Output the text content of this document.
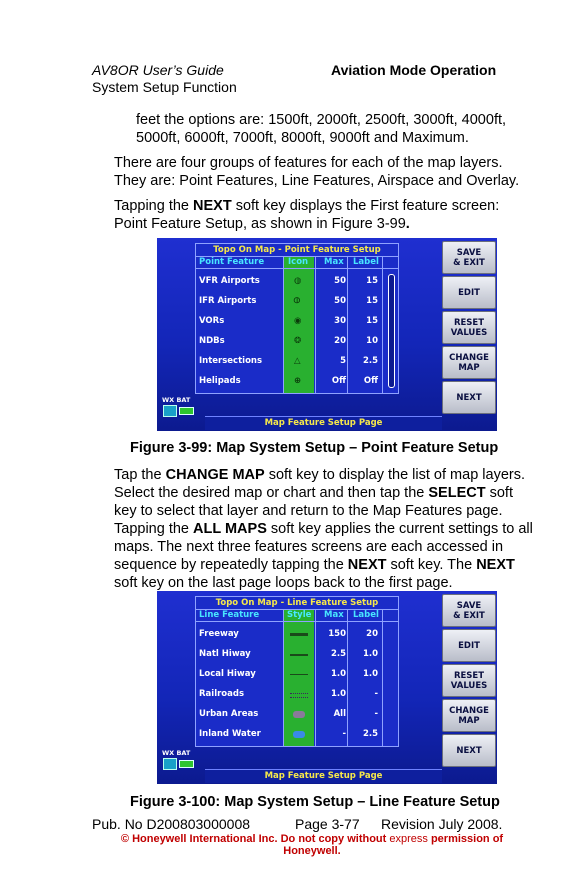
AV8OR User’s Guide	Aviation Mode Operation
System Setup Function
feet the options are: 1500ft, 2000ft, 2500ft, 3000ft, 4000ft,
5000ft, 6000ft, 7000ft, 8000ft, 9000ft and Maximum.
There are four groups of features for each of the map layers.
They are: Point Features, Line Features, Airspace and Overlay.
Tapping the NEXT soft key displays the First feature screen:
Point Feature Setup, as shown in Figure 3-99.
Topo On Map - Point Feature Setup
Point Feature	Icon Max Label
VFR Airports	◍	50 15
IFR Airports	⦶	50 15
VORs	◉	30 15
NDBs	❂	20 10
Intersections	△	5 2.5
Helipads	⊕	Off Off
SAVE
& EXIT
EDIT
RESET
VALUES
CHANGE
MAP
NEXT
WX BAT
Map Feature Setup Page
Figure 3-99: Map System Setup – Point Feature Setup
Tap the CHANGE MAP soft key to display the list of map layers.
Select the desired map or chart and then tap the SELECT soft
key to select that layer and return to the Map Features page.
Tapping the ALL MAPS soft key applies the current settings to all
maps. The next three features screens are each accessed in
sequence by repeatedly tapping the NEXT soft key. The NEXT
soft key on the last page loops back to the first page.
Topo On Map - Line Feature Setup
Line Feature	Style Max Label
Freeway	150 20
Natl Hiway	2.5 1.0
Local Hiway	1.0 1.0
Railroads	1.0	-
Urban Areas	All	-
Inland Water	- 2.5
SAVE
& EXIT
EDIT
RESET
VALUES
CHANGE
MAP
NEXT
WX BAT
Map Feature Setup Page
Figure 3-100: Map System Setup – Line Feature Setup
Pub. No D200803000008	Page 3-77 Revision July 2008.
© Honeywell International Inc. Do not copy without express permission of
Honeywell.
